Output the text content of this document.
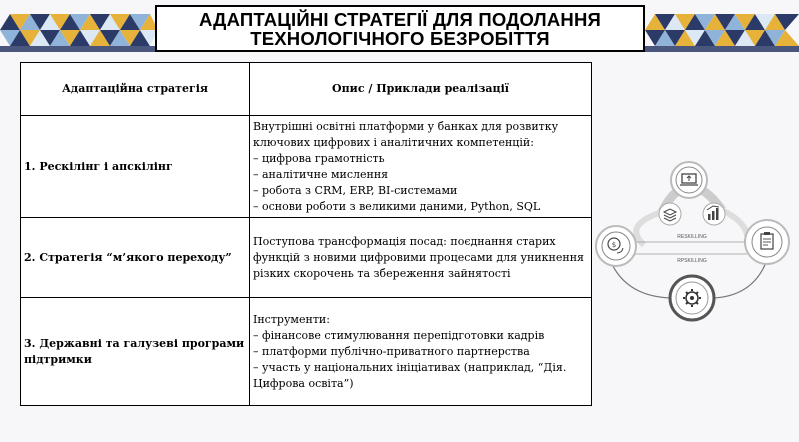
АДАПТАЦІЙНІ СТРАТЕГІЇ ДЛЯ ПОДОЛАННЯ
ТЕХНОЛОГІЧНОГО БЕЗРОБІТТЯ
Адаптаційна стратегія	Опис / Приклади реалізації
1. Рескілінг і апскілінг	Внутрішні освітні платформи у банках для розвитку ключових цифрових і аналітичних компетенцій:
– цифрова грамотність
– аналітичне мислення
– робота з CRM, ERP, BI-системами
– основи роботи з великими даними, Python, SQL
2. Стратегія “м’якого переходу”	Поступова трансформація посад: поєднання старих функцій з новими цифровими процесами для уникнення різких скорочень та збереження зайнятості
3. Державні та галузеві програми підтримки	Інструменти:
– фінансове стимулювання перепідготовки кадрів
– платформи публічно-приватного партнерства
– участь у національних ініціативах (наприклад, “Дія. Цифрова освіта”)
RESKILLING
RPSKILLING
$
